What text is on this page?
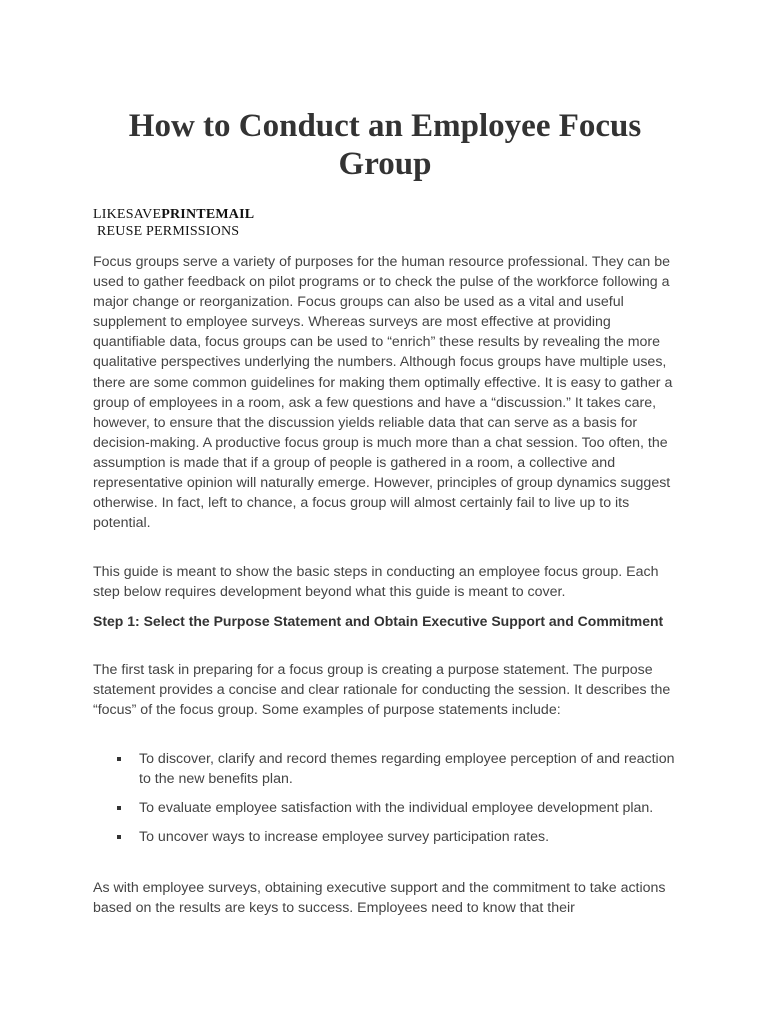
How to Conduct an Employee Focus Group
LIKESAVEPRINTEMAIL
REUSE PERMISSIONS

Focus groups serve a variety of purposes for the human resource professional. They can be used to gather feedback on pilot programs or to check the pulse of the workforce following a major change or reorganization. Focus groups can also be used as a vital and useful supplement to employee surveys. Whereas surveys are most effective at providing quantifiable data, focus groups can be used to “enrich” these results by revealing the more qualitative perspectives underlying the numbers. Although focus groups have multiple uses, there are some common guidelines for making them optimally effective. It is easy to gather a group of employees in a room, ask a few questions and have a “discussion.” It takes care, however, to ensure that the discussion yields reliable data that can serve as a basis for decision-making. A productive focus group is much more than a chat session. Too often, the assumption is made that if a group of people is gathered in a room, a collective and representative opinion will naturally emerge. However, principles of group dynamics suggest otherwise. In fact, left to chance, a focus group will almost certainly fail to live up to its potential.

This guide is meant to show the basic steps in conducting an employee focus group. Each step below requires development beyond what this guide is meant to cover.

Step 1: Select the Purpose Statement and Obtain Executive Support and Commitment

The first task in preparing for a focus group is creating a purpose statement. The purpose statement provides a concise and clear rationale for conducting the session. It describes the “focus” of the focus group. Some examples of purpose statements include:

To discover, clarify and record themes regarding employee perception of and reaction to the new benefits plan.
To evaluate employee satisfaction with the individual employee development plan.
To uncover ways to increase employee survey participation rates.

As with employee surveys, obtaining executive support and the commitment to take actions based on the results are keys to success. Employees need to know that their
